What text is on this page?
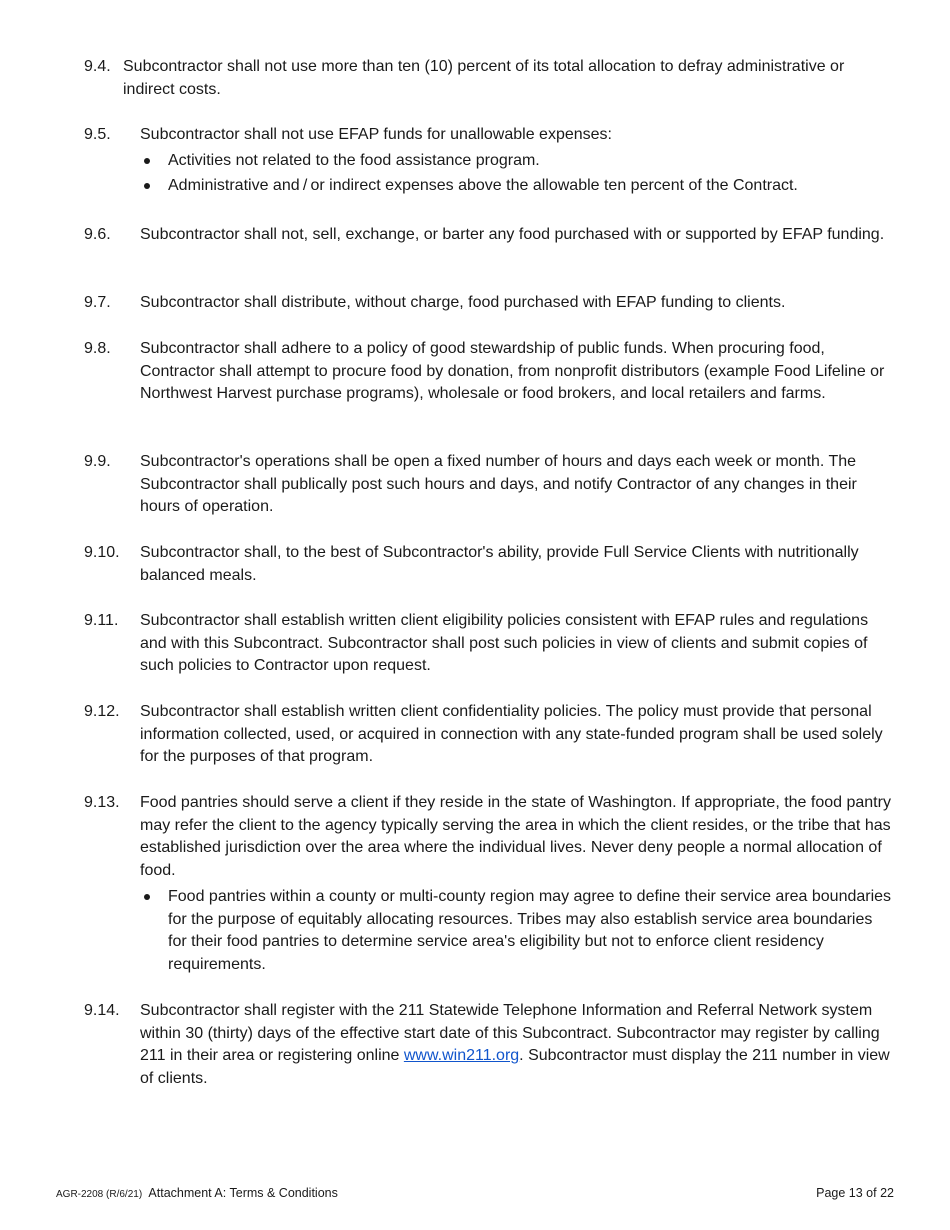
9.4. Subcontractor shall not use more than ten (10) percent of its total allocation to defray administrative or indirect costs.
9.5. Subcontractor shall not use EFAP funds for unallowable expenses:
Activities not related to the food assistance program.
Administrative and / or indirect expenses above the allowable ten percent of the Contract.
9.6. Subcontractor shall not, sell, exchange, or barter any food purchased with or supported by EFAP funding.
9.7. Subcontractor shall distribute, without charge, food purchased with EFAP funding to clients.
9.8. Subcontractor shall adhere to a policy of good stewardship of public funds. When procuring food, Contractor shall attempt to procure food by donation, from nonprofit distributors (example Food Lifeline or Northwest Harvest purchase programs), wholesale or food brokers, and local retailers and farms.
9.9. Subcontractor's operations shall be open a fixed number of hours and days each week or month. The Subcontractor shall publically post such hours and days, and notify Contractor of any changes in their hours of operation.
9.10. Subcontractor shall, to the best of Subcontractor's ability, provide Full Service Clients with nutritionally balanced meals.
9.11. Subcontractor shall establish written client eligibility policies consistent with EFAP rules and regulations and with this Subcontract. Subcontractor shall post such policies in view of clients and submit copies of such policies to Contractor upon request.
9.12. Subcontractor shall establish written client confidentiality policies. The policy must provide that personal information collected, used, or acquired in connection with any state-funded program shall be used solely for the purposes of that program.
9.13. Food pantries should serve a client if they reside in the state of Washington. If appropriate, the food pantry may refer the client to the agency typically serving the area in which the client resides, or the tribe that has established jurisdiction over the area where the individual lives. Never deny people a normal allocation of food.
Food pantries within a county or multi-county region may agree to define their service area boundaries for the purpose of equitably allocating resources. Tribes may also establish service area boundaries for their food pantries to determine service area's eligibility but not to enforce client residency requirements.
9.14. Subcontractor shall register with the 211 Statewide Telephone Information and Referral Network system within 30 (thirty) days of the effective start date of this Subcontract. Subcontractor may register by calling 211 in their area or registering online www.win211.org. Subcontractor must display the 211 number in view of clients.
AGR-2208 (R/6/21) Attachment A: Terms & Conditions	Page 13 of 22
